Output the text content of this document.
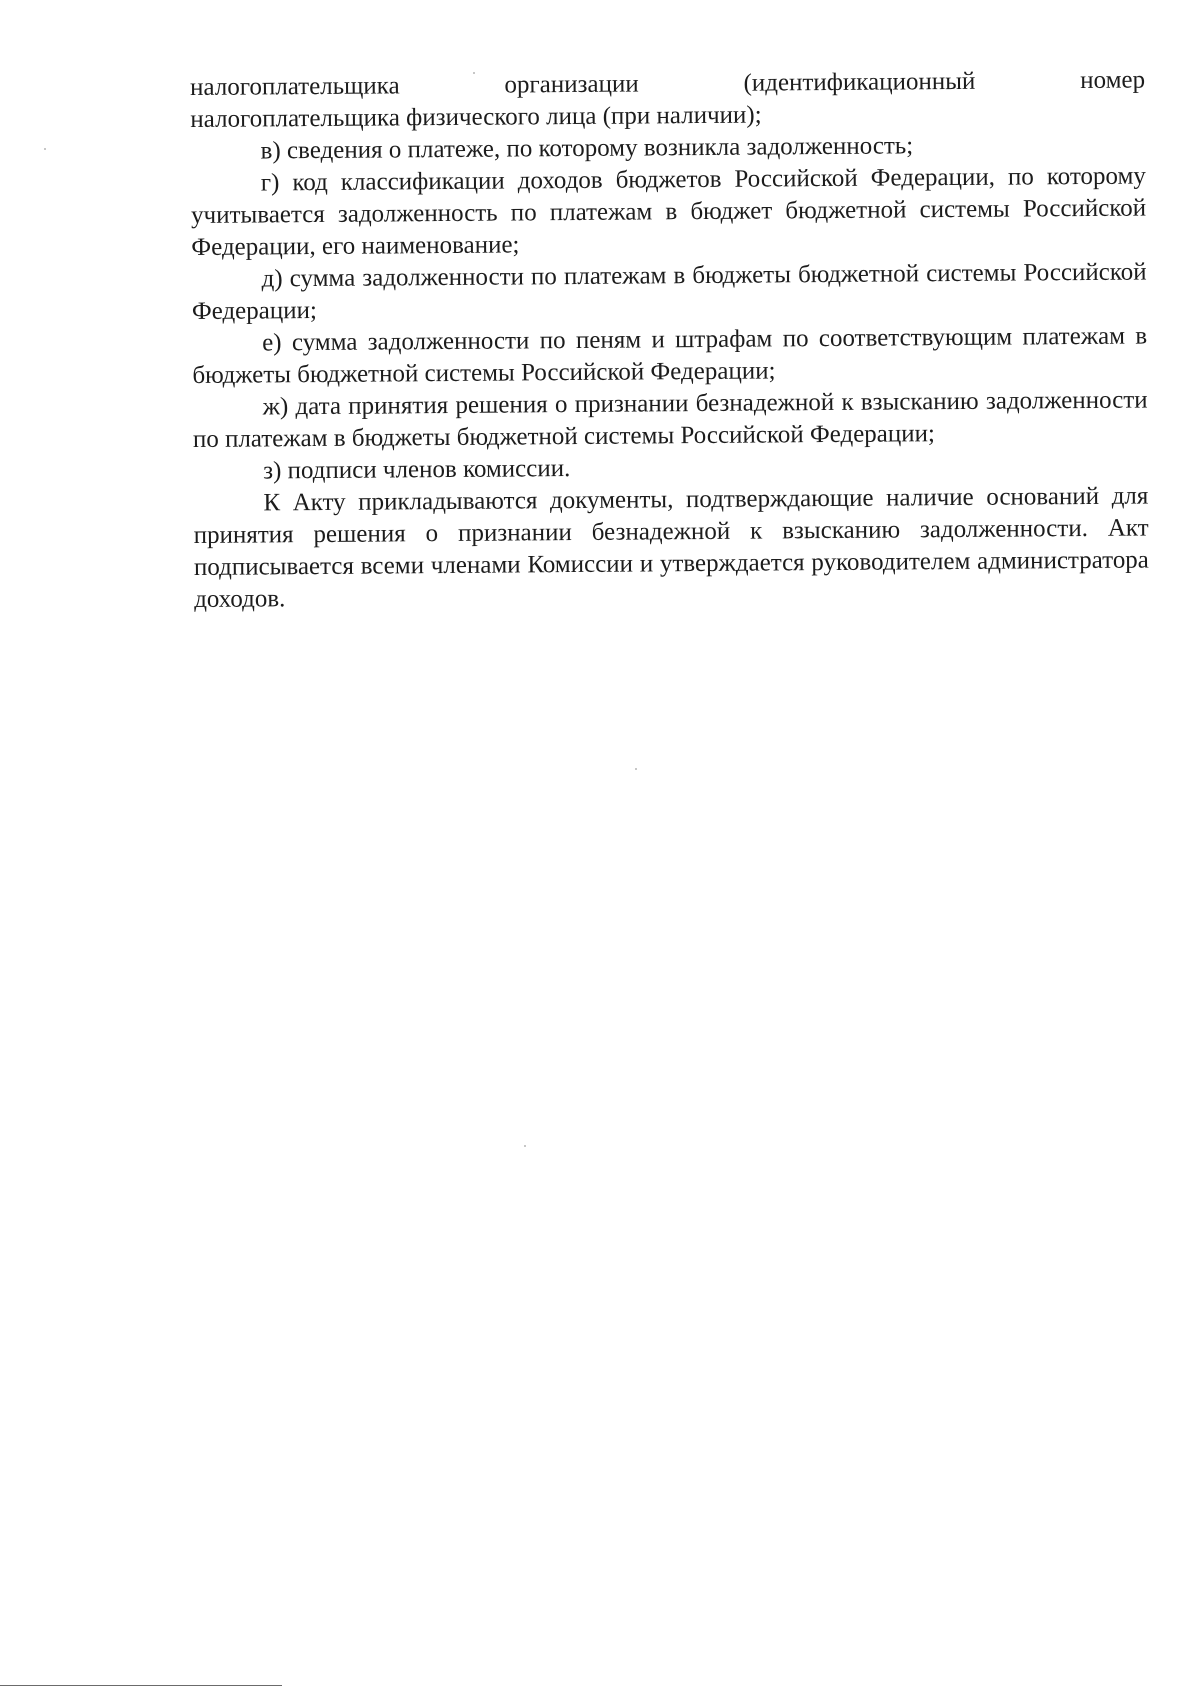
налогоплательщика	организации	(идентификационный	номер

налогоплательщика физического лица (при наличии);

в) сведения о платеже, по которому возникла задолженность;

г) код классификации доходов бюджетов Российской Федерации, по которому учитывается задолженность по платежам в бюджет бюджетной системы Российской Федерации, его наименование;

д) сумма задолженности по платежам в бюджеты бюджетной системы Российской Федерации;

е) сумма задолженности по пеням и штрафам по соответствующим платежам в бюджеты бюджетной системы Российской Федерации;

ж) дата принятия решения о признании безнадежной к взысканию задолженности по платежам в бюджеты бюджетной системы Российской Федерации;

з) подписи членов комиссии.

К Акту прикладываются документы, подтверждающие наличие оснований для принятия решения о признании безнадежной к взысканию задолженности. Акт подписывается всеми членами Комиссии и утверждается руководителем администратора доходов.
